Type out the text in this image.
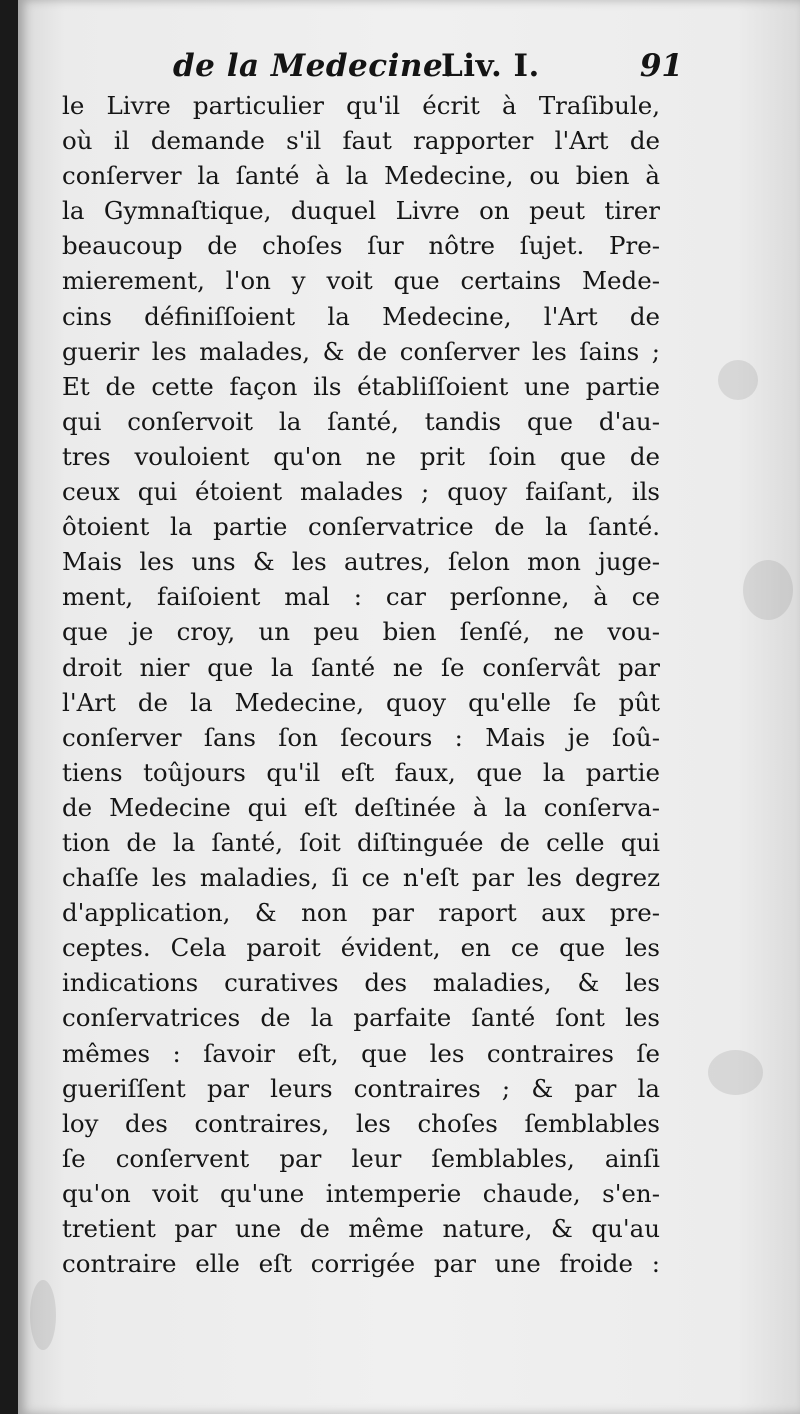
de la Medecine.
Liv. I.	91
le Livre particulier qu'il écrit à Traſibule,
où il demande s'il faut rapporter l'Art de
conſerver la ſanté à la Medecine, ou bien à
la Gymnaſtique, duquel Livre on peut tirer
beaucoup de choſes ſur nôtre ſujet. Pre-
mierement, l'on y voit que certains Mede-
cins définiſſoient la Medecine, l'Art de
guerir les malades, & de conſerver les ſains ;
Et de cette façon ils établiſſoient une partie
qui conſervoit la ſanté, tandis que d'au-
tres vouloient qu'on ne prit ſoin que de
ceux qui étoient malades ; quoy faiſant, ils
ôtoient la partie conſervatrice de la ſanté.
Mais les uns & les autres, ſelon mon juge-
ment, faiſoient mal : car perſonne, à ce
que je croy, un peu bien ſenſé, ne vou-
droit nier que la ſanté ne ſe conſervât par
l'Art de la Medecine, quoy qu'elle ſe pût
conſerver ſans ſon ſecours : Mais je ſoû-
tiens toûjours qu'il eſt faux, que la partie
de Medecine qui eſt deſtinée à la conſerva-
tion de la ſanté, ſoit diſtinguée de celle qui
chaſſe les maladies, ſi ce n'eſt par les degrez
d'application, & non par raport aux pre-
ceptes. Cela paroit évident, en ce que les
indications curatives des maladies, & les
conſervatrices de la parfaite ſanté ſont les
mêmes : ſavoir eſt, que les contraires ſe
gueriſſent par leurs contraires ; & par la
loy des contraires, les choſes ſemblables
ſe conſervent par leur ſemblables, ainſi
qu'on voit qu'une intemperie chaude, s'en-
tretient par une de même nature, & qu'au
contraire elle eſt corrigée par une froide :
